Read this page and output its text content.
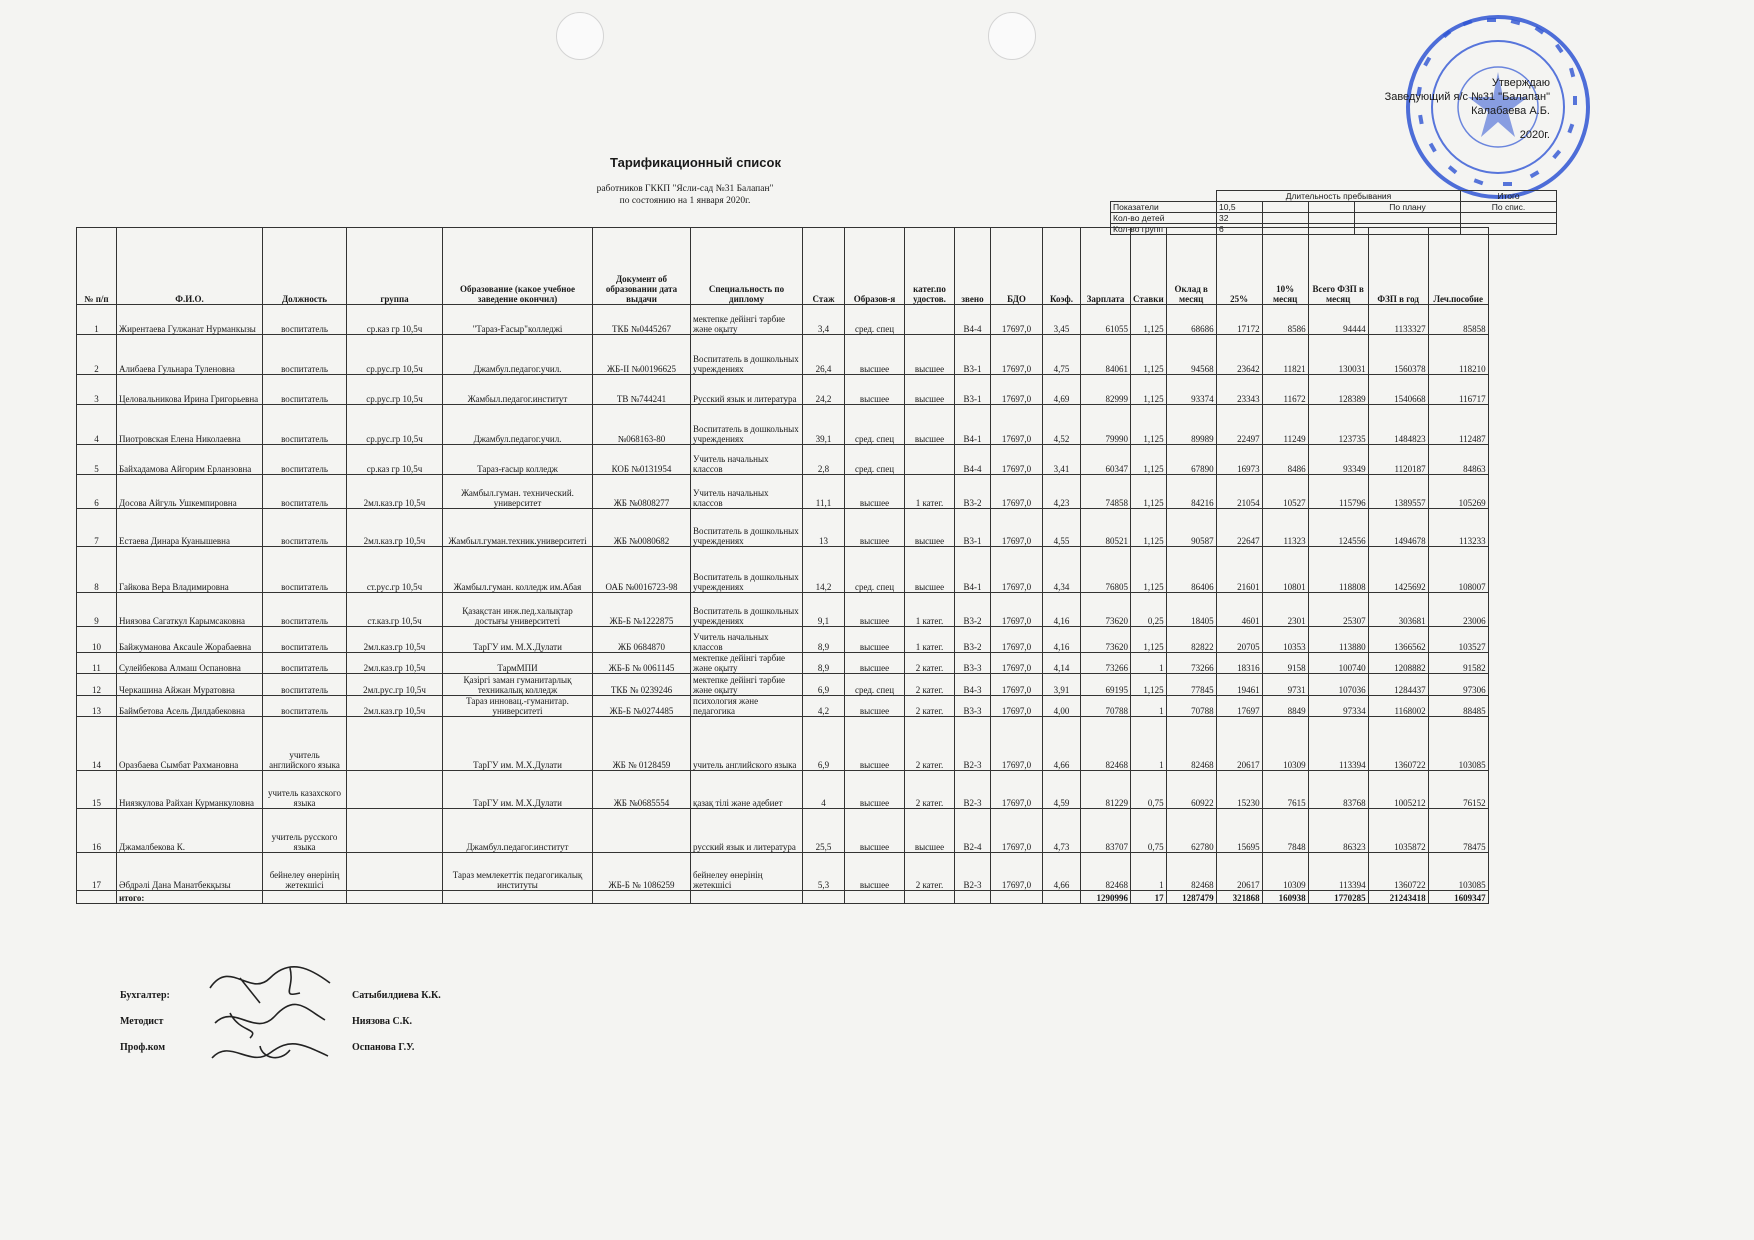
Утверждаю
Заведующий я/с №31 "Балапан"
Калабаева А.Б.
2020г.
Тарификационный список
работников ГККП "Ясли-сад №31 Балапан"
по состоянию на 1 января 2020г.
		Длительность пребывания				Итого
Показатели	10,5			По плану	По спис.
Кол-во детей	32				
Кол-во групп	6				
№ п/п	Ф.И.О.	Должность	группа	Образование (какое учебное заведение окончил)	Документ об образовании дата выдачи	Специальность по диплому	Стаж	Образов-я	катег.по удостов.	звено	БДО	Коэф.	Зарплата	Ставки	Оклад в месяц	25%	10% месяц	Всего ФЗП в месяц	ФЗП в год	Леч.пособие
1	Жирентаева Гулжанат Нурманкызы	воспитатель	ср.каз гр 10,5ч	"Тараз-Ғасыр"колледжі	ТКБ №0445267	мектепке дейінгі тәрбие және оқыту	3,4	сред. спец		B4-4	17697,0	3,45	61055	1,125	68686	17172	8586	94444	1133327	85858
2	Алибаева Гульнара Туленовна	воспитатель	ср.рус.гр 10,5ч	Джамбул.педагог.учил.	ЖБ-II №00196625	Воспитатель в дошкольных учреждениях	26,4	высшее	высшее	B3-1	17697,0	4,75	84061	1,125	94568	23642	11821	130031	1560378	118210
3	Целовальникова Ирина Григорьевна	воспитатель	ср.рус.гр 10,5ч	Жамбыл.педагог.институт	ТВ №744241	Русский язык и литература	24,2	высшее	высшее	B3-1	17697,0	4,69	82999	1,125	93374	23343	11672	128389	1540668	116717
4	Пиотровская Елена Николаевна	воспитатель	ср.рус.гр 10,5ч	Джамбул.педагог.учил.	№068163-80	Воспитатель в дошкольных учреждениях	39,1	сред. спец	высшее	B4-1	17697,0	4,52	79990	1,125	89989	22497	11249	123735	1484823	112487
5	Байхадамова Айгорим Ерланзовна	воспитатель	ср.каз гр 10,5ч	Тараз-ғасыр колледж	КОБ №0131954	Учитель начальных классов	2,8	сред. спец		B4-4	17697,0	3,41	60347	1,125	67890	16973	8486	93349	1120187	84863
6	Досова Айгуль Ушкемпировна	воспитатель	2мл.каз.гр 10,5ч	Жамбыл.гуман. технический. университет	ЖБ №0808277	Учитель начальных классов	11,1	высшее	1 катег.	B3-2	17697,0	4,23	74858	1,125	84216	21054	10527	115796	1389557	105269
7	Естаева Динара Куанышевна	воспитатель	2мл.каз.гр 10,5ч	Жамбыл.гуман.техник.университеті	ЖБ №0080682	Воспитатель в дошкольных учреждениях	13	высшее	высшее	B3-1	17697,0	4,55	80521	1,125	90587	22647	11323	124556	1494678	113233
8	Гайкова Вера Владимировна	воспитатель	ст.рус.гр 10,5ч	Жамбыл.гуман. колледж им.Абая	ОАБ №0016723-98	Воспитатель в дошкольных учреждениях	14,2	сред. спец	высшее	B4-1	17697,0	4,34	76805	1,125	86406	21601	10801	118808	1425692	108007
9	Ниязова Сагаткул Карымсаковна	воспитатель	ст.каз.гр 10,5ч	Қазақстан инж.пед.халықтар достығы университеті	ЖБ-Б №1222875	Воспитатель в дошкольных учреждениях	9,1	высшее	1 катег.	B3-2	17697,0	4,16	73620	0,25	18405	4601	2301	25307	303681	23006
10	Байжуманова Аксаule Жорабаевна	воспитатель	2мл.каз.гр 10,5ч	ТарГУ им. М.Х.Дулати	ЖБ 0684870	Учитель начальных классов	8,9	высшее	1 катег.	B3-2	17697,0	4,16	73620	1,125	82822	20705	10353	113880	1366562	103527
11	Сулейбекова Алмаш Оспановна	воспитатель	2мл.каз.гр 10,5ч	ТармМПИ	ЖБ-Б № 0061145	мектепке дейінгі тәрбие және оқыту	8,9	высшее	2 катег.	B3-3	17697,0	4,14	73266	1	73266	18316	9158	100740	1208882	91582
12	Черкашина Айжан Муратовна	воспитатель	2мл.рус.гр 10,5ч	Қазіргі заман гуманитарлық техникалық колледж	ТКБ № 0239246	мектепке дейінгі тәрбие және оқыту	6,9	сред. спец	2 катег.	B4-3	17697,0	3,91	69195	1,125	77845	19461	9731	107036	1284437	97306
13	Баймбетова Асель Дилдабековна	воспитатель	2мл.каз.гр 10,5ч	Тараз инновац.-гуманитар. университеті	ЖБ-Б №0274485	психология және педагогика	4,2	высшее	2 катег.	B3-3	17697,0	4,00	70788	1	70788	17697	8849	97334	1168002	88485
14	Оразбаева Сымбат Рахмановна	учитель английского языка		ТарГУ им. М.Х.Дулати	ЖБ № 0128459	учитель английского языка	6,9	высшее	2 катег.	B2-3	17697,0	4,66	82468	1	82468	20617	10309	113394	1360722	103085
15	Ниязкулова Райхан Курманкуловна	учитель казахского языка		ТарГУ им. М.Х.Дулати	ЖБ №0685554	қазақ тілі және әдебиет	4	высшее	2 катег.	B2-3	17697,0	4,59	81229	0,75	60922	15230	7615	83768	1005212	76152
16	Джамалбекова К.	учитель русского языка		Джамбул.педагог.институт		русский язык и литература	25,5	высшее	высшее	B2-4	17697,0	4,73	83707	0,75	62780	15695	7848	86323	1035872	78475
17	Әбдрәлі Дана Манатбекқызы	бейнелеу өнерінің жетекшісі		Тараз мемлекеттік педагогикалық институты	ЖБ-Б № 1086259	бейнелеу өнерінің жетекшісі	5,3	высшее	2 катег.	B2-3	17697,0	4,66	82468	1	82468	20617	10309	113394	1360722	103085
	итого:												1290996	17	1287479	321868	160938	1770285	21243418	1609347
Бухгалтер:	Сатыбилдиева К.К.
Методист	Ниязова С.К.
Проф.ком	Оспанова Г.У.
